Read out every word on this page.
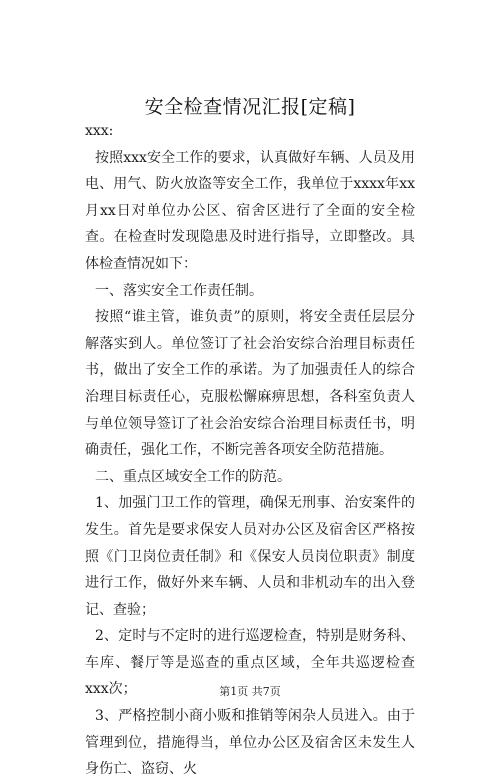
安全检查情况汇报[定稿]

xxx:

按照xxx安全工作的要求，认真做好车辆、人员及用电、用气、防火放盗等安全工作，我单位于xxxx年xx月xx日对单位办公区、宿舍区进行了全面的安全检查。在检查时发现隐患及时进行指导，立即整改。具体检查情况如下：

一、落实安全工作责任制。

按照“谁主管，谁负责”的原则，将安全责任层层分解落实到人。单位签订了社会治安综合治理目标责任书，做出了安全工作的承诺。为了加强责任人的综合治理目标责任心，克服松懈麻痹思想，各科室负责人与单位领导签订了社会治安综合治理目标责任书，明确责任，强化工作，不断完善各项安全防范措施。

二、重点区域安全工作的防范。

1、加强门卫工作的管理，确保无刑事、治安案件的发生。首先是要求保安人员对办公区及宿舍区严格按照《门卫岗位责任制》和《保安人员岗位职责》制度进行工作，做好外来车辆、人员和非机动车的出入登记、查验；

2、定时与不定时的进行巡逻检查，特别是财务科、车库、餐厅等是巡查的重点区域，全年共巡逻检查xxx次；

3、严格控制小商小贩和推销等闲杂人员进入。由于管理到位，措施得当，单位办公区及宿舍区未发生人身伤亡、盗窃、火

第1页 共7页
